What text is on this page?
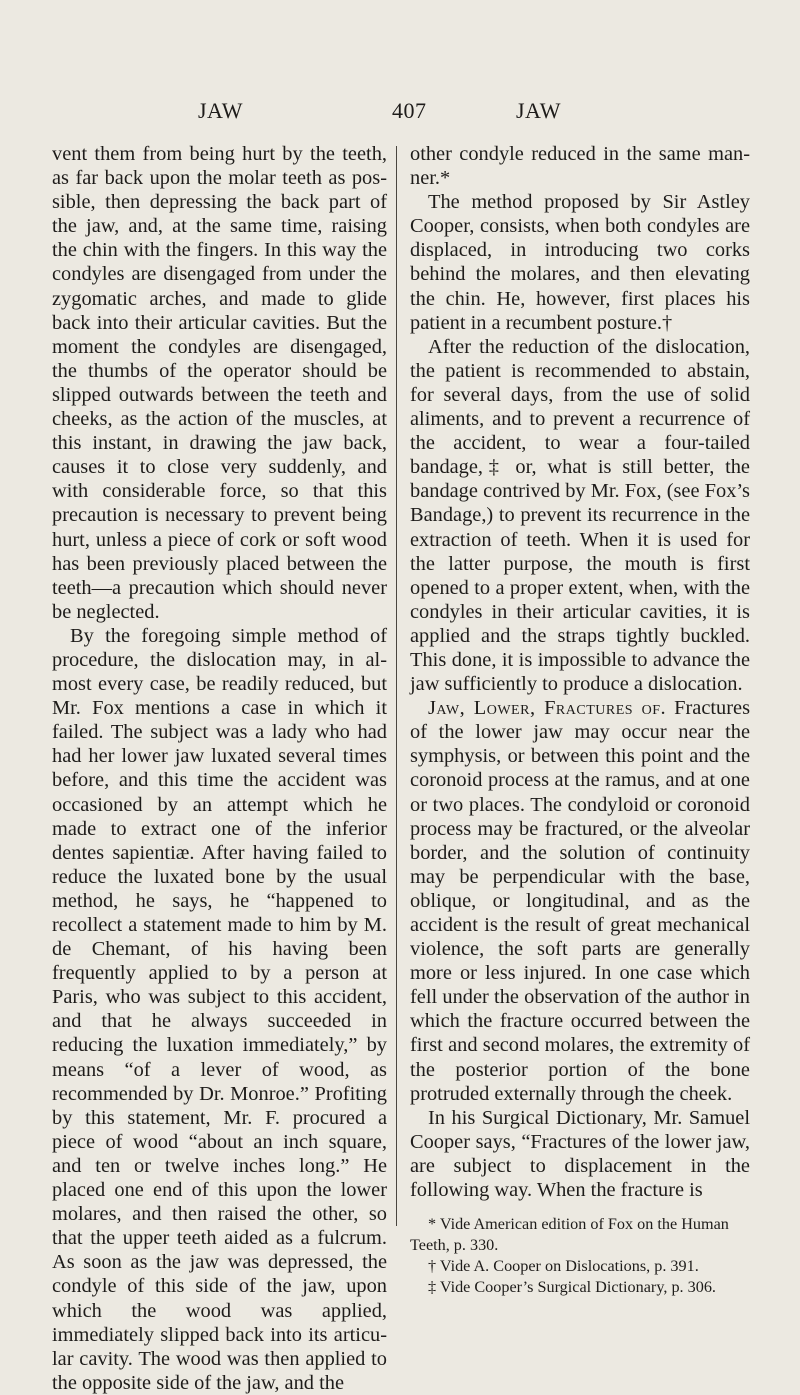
JAW	407	JAW

vent them from being hurt by the teeth, as far back upon the molar teeth as possible, then depressing the back part of the jaw, and, at the same time, raising the chin with the fingers. In this way the condyles are disengaged from under the zygomatic arches, and made to glide back into their articular cavities. But the moment the condyles are disengaged, the thumbs of the operator should be slipped outwards between the teeth and cheeks, as the action of the muscles, at this instant, in drawing the jaw back, causes it to close very suddenly, and with considerable force, so that this precaution is necessary to prevent being hurt, unless a piece of cork or soft wood has been previously placed between the teeth—a precaution which should never be neglected.

By the foregoing simple method of procedure, the dislocation may, in almost every case, be readily reduced, but Mr. Fox mentions a case in which it failed. The subject was a lady who had had her lower jaw luxated several times before, and this time the accident was occasioned by an attempt which he made to extract one of the inferior dentes sapientiæ. After having failed to reduce the luxated bone by the usual method, he says, he “happened to recollect a statement made to him by M. de Chemant, of his having been frequently applied to by a person at Paris, who was subject to this accident, and that he always succeeded in reducing the luxation immediately,” by means “of a lever of wood, as recommended by Dr. Monroe.” Profiting by this statement, Mr. F. procured a piece of wood “about an inch square, and ten or twelve inches long.” He placed one end of this upon the lower molares, and then raised the other, so that the upper teeth aided as a fulcrum. As soon as the jaw was depressed, the condyle of this side of the jaw, upon which the wood was applied, immediately slipped back into its articular cavity. The wood was then applied to the opposite side of the jaw, and the

other condyle reduced in the same manner.*

The method proposed by Sir Astley Cooper, consists, when both condyles are displaced, in introducing two corks behind the molares, and then elevating the chin. He, however, first places his patient in a recumbent posture.†

After the reduction of the dislocation, the patient is recommended to abstain, for several days, from the use of solid aliments, and to prevent a recurrence of the accident, to wear a four-tailed bandage,‡ or, what is still better, the bandage contrived by Mr. Fox, (see Fox’s Bandage,) to prevent its recurrence in the extraction of teeth. When it is used for the latter purpose, the mouth is first opened to a proper extent, when, with the condyles in their articular cavities, it is applied and the straps tightly buckled. This done, it is impossible to advance the jaw sufficiently to produce a dislocation.

Jaw, Lower, Fractures of. Fractures of the lower jaw may occur near the symphysis, or between this point and the coronoid process at the ramus, and at one or two places. The condyloid or coronoid process may be fractured, or the alveolar border, and the solution of continuity may be perpendicular with the base, oblique, or longitudinal, and as the accident is the result of great mechanical violence, the soft parts are generally more or less injured. In one case which fell under the observation of the author in which the fracture occurred between the first and second molares, the extremity of the posterior portion of the bone protruded externally through the cheek.

In his Surgical Dictionary, Mr. Samuel Cooper says, “Fractures of the lower jaw, are subject to displacement in the following way. When the fracture is

* Vide American edition of Fox on the Human Teeth, p. 330.

† Vide A. Cooper on Dislocations, p. 391.

‡ Vide Cooper’s Surgical Dictionary, p. 306.
